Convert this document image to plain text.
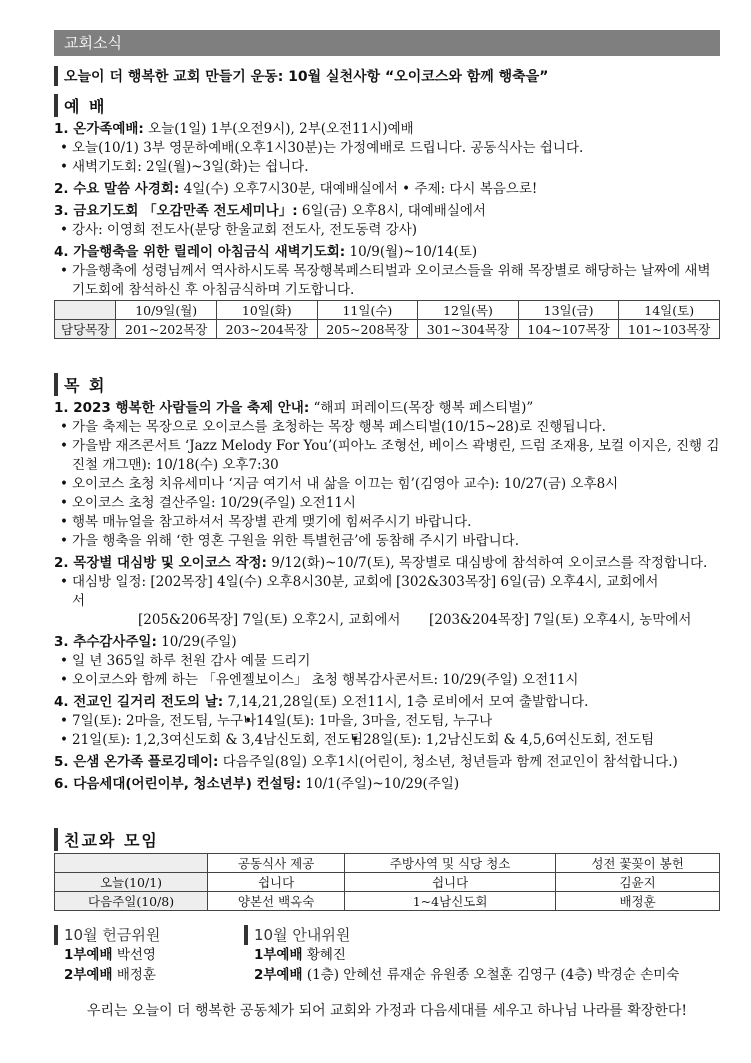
교회소식
오늘이 더 행복한 교회 만들기 운동: 10월 실천사항 “오이코스와 함께 행축을”
예 배
1. 온가족예배: 오늘(1일) 1부(오전9시), 2부(오전11시)예배
• 오늘(10/1) 3부 영문하예배(오후1시30분)는 가정예배로 드립니다. 공동식사는 쉽니다.
• 새벽기도회: 2일(월)~3일(화)는 쉽니다.
2. 수요 말씀 사경회: 4일(수) 오후7시30분, 대예배실에서 • 주제: 다시 복음으로!
3. 금요기도회 「오감만족 전도세미나」: 6일(금) 오후8시, 대예배실에서
• 강사: 이영희 전도사(분당 한울교회 전도사, 전도동력 강사)
4. 가을행축을 위한 릴레이 아침금식 새벽기도회: 10/9(월)~10/14(토)
• 가을행축에 성령님께서 역사하시도록 목장행복페스티벌과 오이코스들을 위해 목장별로 해당하는 날짜에 새벽기도회에 참석하신 후 아침금식하며 기도합니다.
	10/9일(월)	10일(화)	11일(수)	12일(목)	13일(금)	14일(토)
담당목장	201~202목장	203~204목장	205~208목장	301~304목장	104~107목장	101~103목장
목 회
1. 2023 행복한 사람들의 가을 축제 안내: “해피 퍼레이드(목장 행복 페스티벌)”
• 가을 축제는 목장으로 오이코스를 초청하는 목장 행복 페스티벌(10/15~28)로 진행됩니다.
• 가을밤 재즈콘서트 ‘Jazz Melody For You’(피아노 조형선, 베이스 곽병린, 드럼 조재용, 보컬 이지은, 진행 김진철 개그맨): 10/18(수) 오후7:30
• 오이코스 초청 치유세미나 ‘지금 여기서 내 삶을 이끄는 힘’(김영아 교수): 10/27(금) 오후8시
• 오이코스 초청 결산주일: 10/29(주일) 오전11시
• 행복 매뉴얼을 참고하셔서 목장별 관계 맺기에 힘써주시기 바랍니다.
• 가을 행축을 위해 ‘한 영혼 구원을 위한 특별헌금’에 동참해 주시기 바랍니다.
2. 목장별 대심방 및 오이코스 작정: 9/12(화)~10/7(토), 목장별로 대심방에 참석하여 오이코스를 작정합니다.
• 대심방 일정: [202목장] 4일(수) 오후8시30분, 교회에서
[302&303목장] 6일(금) 오후4시, 교회에서
[205&206목장] 7일(토) 오후2시, 교회에서	[203&204목장] 7일(토) 오후4시, 농막에서
3. 추수감사주일: 10/29(주일)
• 일 년 365일 하루 천원 감사 예물 드리기
• 오이코스와 함께 하는 「유엔젤보이스」 초청 행복감사콘서트: 10/29(주일) 오전11시
4. 전교인 길거리 전도의 날: 7,14,21,28일(토) 오전11시, 1층 로비에서 모여 출발합니다.
• 7일(토): 2마을, 전도팀, 누구나 • 14일(토): 1마을, 3마을, 전도팀, 누구나
• 21일(토): 1,2,3여신도회 & 3,4남신도회, 전도팀 • 28일(토): 1,2남신도회 & 4,5,6여신도회, 전도팀
5. 은샘 온가족 플로깅데이: 다음주일(8일) 오후1시(어린이, 청소년, 청년들과 함께 전교인이 참석합니다.)
6. 다음세대(어린이부, 청소년부) 컨설팅: 10/1(주일)~10/29(주일)
친교와 모임
	공동식사 제공	주방사역 및 식당 청소	성전 꽃꽂이 봉헌
오늘(10/1)	쉽니다	쉽니다	김윤지
다음주일(10/8)	양본선 백옥숙	1~4남신도회	배정훈
10월 헌금위원
1부예배 박선영
2부예배 배정훈
10월 안내위원
1부예배 황혜진
2부예배 (1층) 안혜선 류재순 유원종 오철훈 김영구 (4층) 박경순 손미숙
우리는 오늘이 더 행복한 공동체가 되어 교회와 가정과 다음세대를 세우고 하나님 나라를 확장한다!
